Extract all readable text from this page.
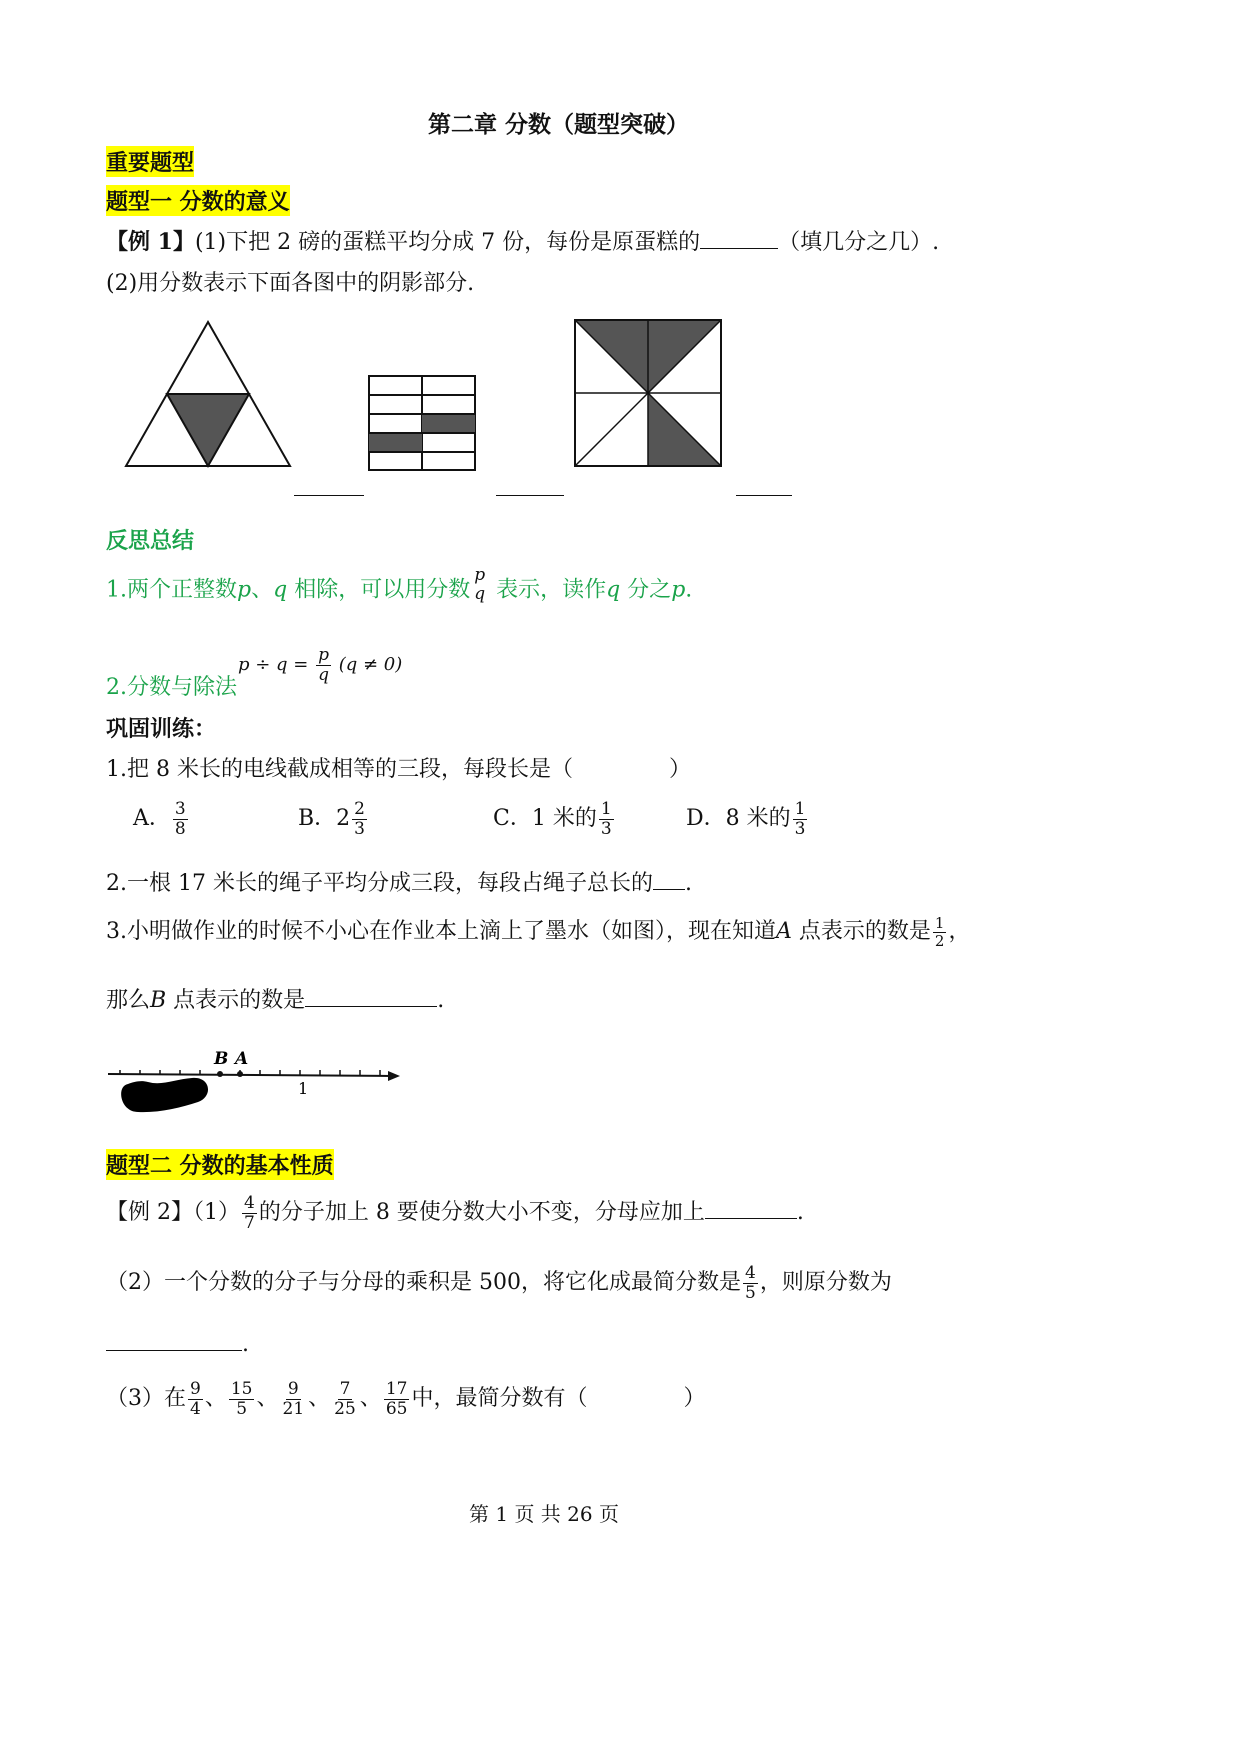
第二章 分数（题型突破）
重要题型
题型一 分数的意义
【例 1】(1)下把 2 磅的蛋糕平均分成 7 份，每份是原蛋糕的	（填几分之几）.
(2)用分数表示下面各图中的阴影部分.
反思总结
1.两个正整数p、q 相除，可以用分数
p
q 表示，读作q 分之p.
2.分数与除法
$p \div q = \frac{p}{q} (q \ne 0)$
巩固训练：
1.把 8 米长的电线截成相等的三段，每段长是（	）
A． $\frac{3}{8}$	B．$2 \frac{2}{3}$	C．1 米的 $\frac{1}{3}$	D．8 米的 $\frac{1}{3}$
2.一根 17 米长的绳子平均分成三段，每段占绳子总长的 .
3.小明做作业的时候不小心在作业本上滴上了墨水（如图），现在知道A 点表示的数是 $\frac{1}{2}$ ，
那么B 点表示的数是	.
B A
1
题型二 分数的基本性质
【例 2】$(1) \frac{4}{7}$ 的分子加上 8 要使分数大小不变，分母应加上	.
（2）一个分数的分子与分母的乘积是 500，将它化成最简分数是 $\frac{4}{5}$ ，则原分数为
.
（3）在 $\frac{9}{4}$ 、 $\frac{15}{5}$ 、 $\frac{9}{21}$ 、 $\frac{7}{25}$ 、 $\frac{17}{65}$ 中，最简分数有（	）
第 1 页 共 26 页
